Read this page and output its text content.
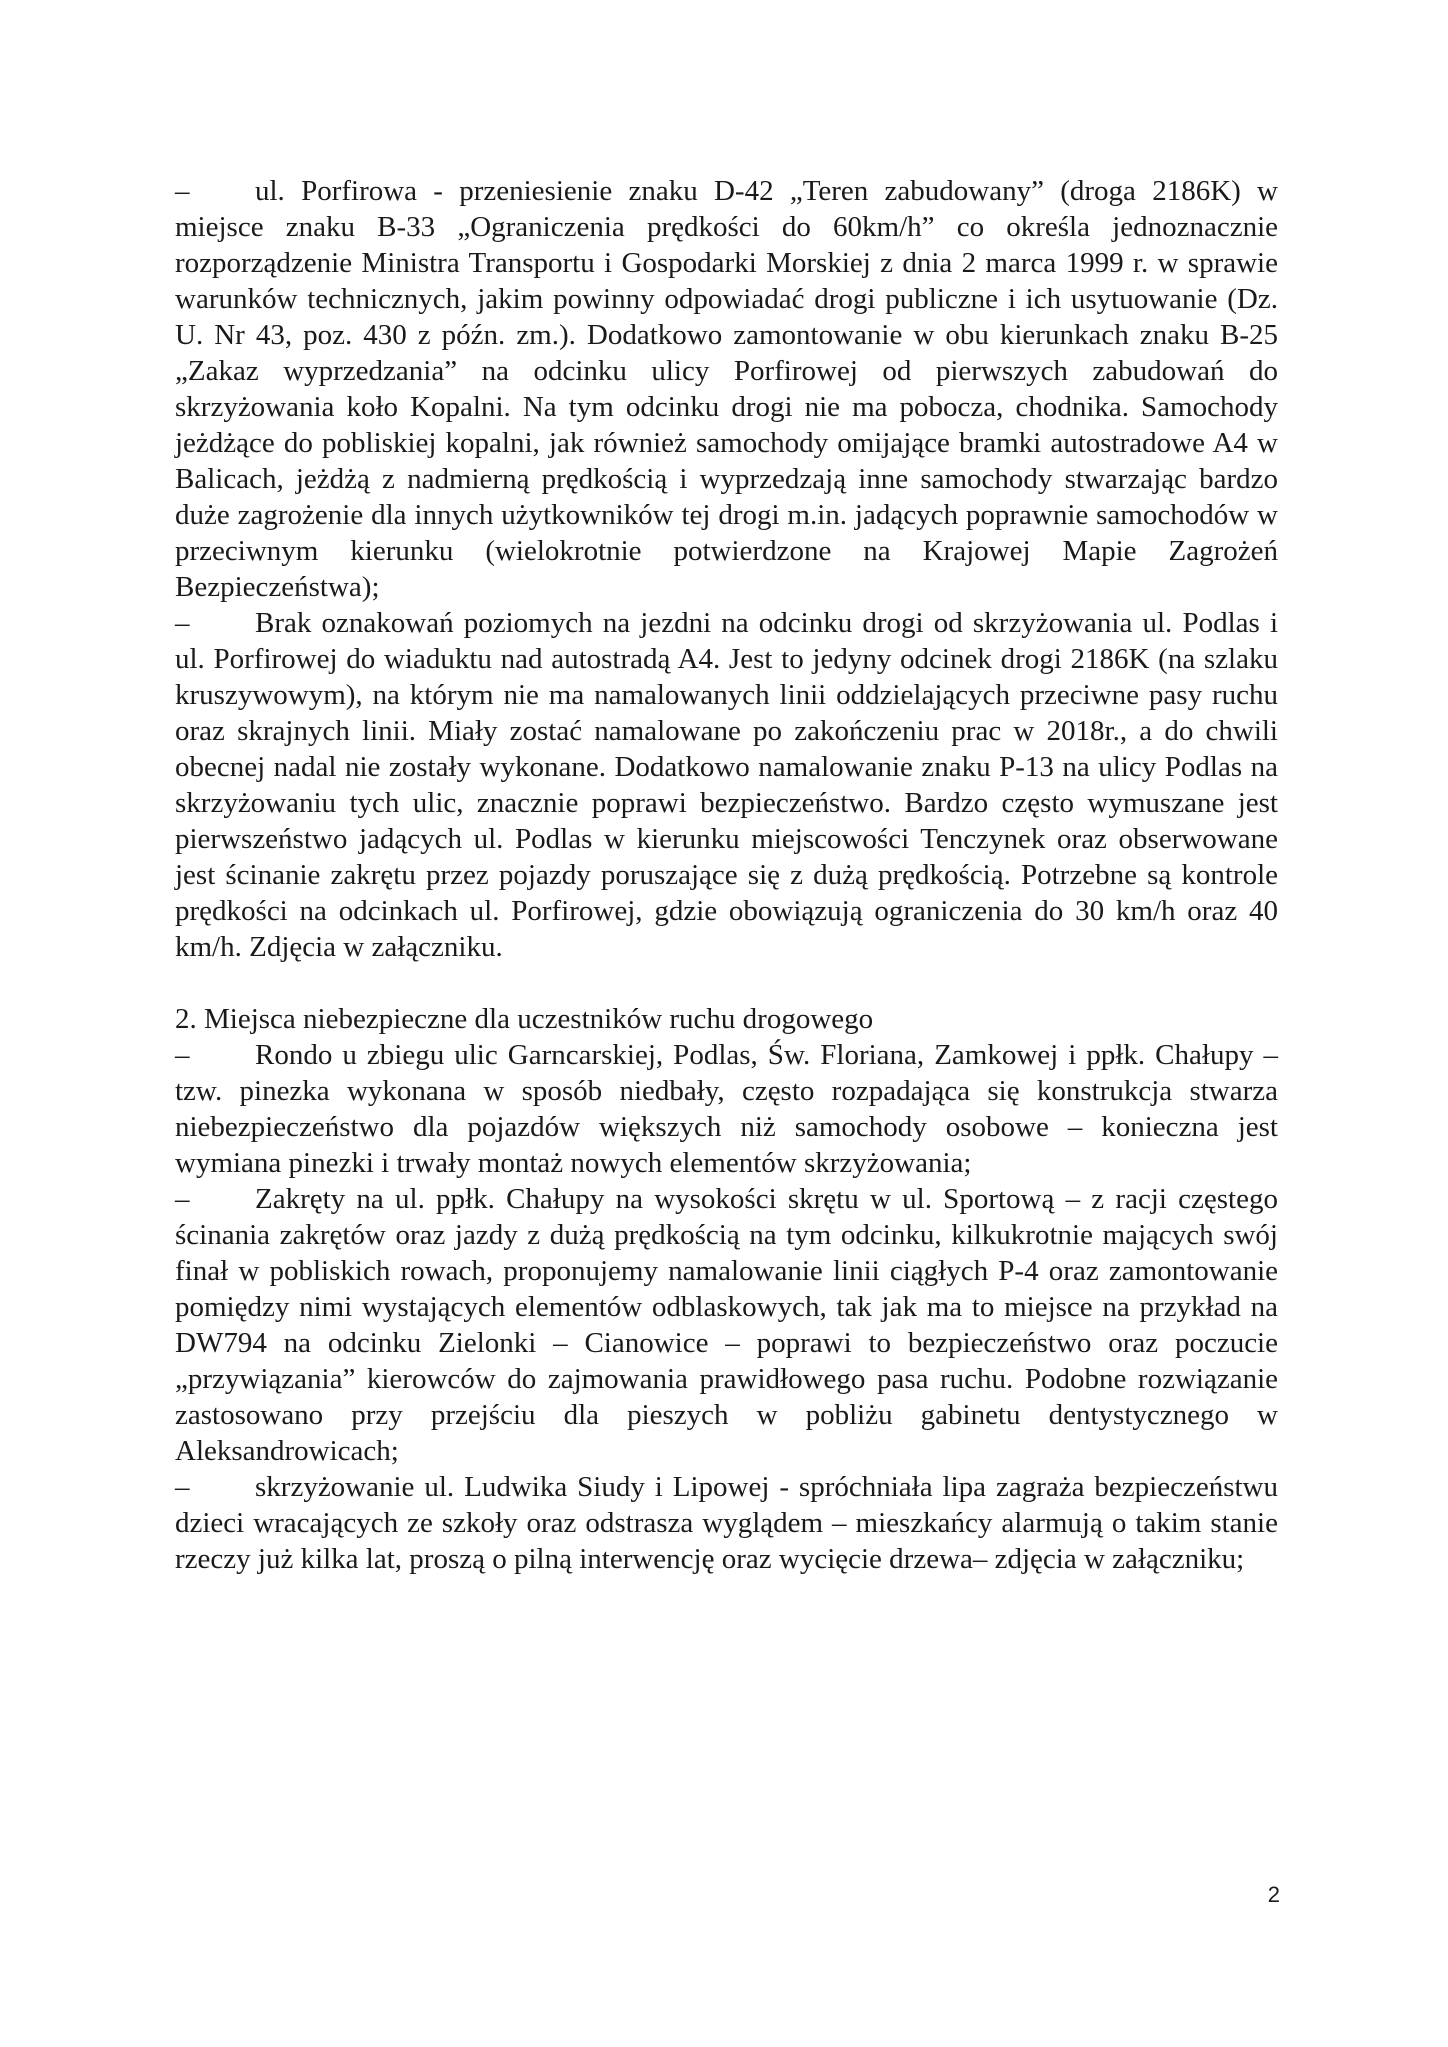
– ul. Porfirowa - przeniesienie znaku D-42 „Teren zabudowany” (droga 2186K) w miejsce znaku B-33 „Ograniczenia prędkości do 60km/h” co określa jednoznacznie rozporządzenie Ministra Transportu i Gospodarki Morskiej z dnia 2 marca 1999 r. w sprawie warunków technicznych, jakim powinny odpowiadać drogi publiczne i ich usytuowanie (Dz. U. Nr 43, poz. 430 z późn. zm.). Dodatkowo zamontowanie w obu kierunkach znaku B-25 „Zakaz wyprzedzania” na odcinku ulicy Porfirowej od pierwszych zabudowań do skrzyżowania koło Kopalni. Na tym odcinku drogi nie ma pobocza, chodnika. Samochody jeżdżące do pobliskiej kopalni, jak również samochody omijające bramki autostradowe A4 w Balicach, jeżdżą z nadmierną prędkością i wyprzedzają inne samochody stwarzając bardzo duże zagrożenie dla innych użytkowników tej drogi m.in. jadących poprawnie samochodów w przeciwnym kierunku (wielokrotnie potwierdzone na Krajowej Mapie Zagrożeń Bezpieczeństwa);

– Brak oznakowań poziomych na jezdni na odcinku drogi od skrzyżowania ul. Podlas i ul. Porfirowej do wiaduktu nad autostradą A4. Jest to jedyny odcinek drogi 2186K (na szlaku kruszywowym), na którym nie ma namalowanych linii oddzielających przeciwne pasy ruchu oraz skrajnych linii. Miały zostać namalowane po zakończeniu prac w 2018r., a do chwili obecnej nadal nie zostały wykonane. Dodatkowo namalowanie znaku P-13 na ulicy Podlas na skrzyżowaniu tych ulic, znacznie poprawi bezpieczeństwo. Bardzo często wymuszane jest pierwszeństwo jadących ul. Podlas w kierunku miejscowości Tenczynek oraz obserwowane jest ścinanie zakrętu przez pojazdy poruszające się z dużą prędkością. Potrzebne są kontrole prędkości na odcinkach ul. Porfirowej, gdzie obowiązują ograniczenia do 30 km/h oraz 40 km/h. Zdjęcia w załączniku.

2. Miejsca niebezpieczne dla uczestników ruchu drogowego

– Rondo u zbiegu ulic Garncarskiej, Podlas, Św. Floriana, Zamkowej i ppłk. Chałupy – tzw. pinezka wykonana w sposób niedbały, często rozpadająca się konstrukcja stwarza niebezpieczeństwo dla pojazdów większych niż samochody osobowe – konieczna jest wymiana pinezki i trwały montaż nowych elementów skrzyżowania;

– Zakręty na ul. ppłk. Chałupy na wysokości skrętu w ul. Sportową – z racji częstego ścinania zakrętów oraz jazdy z dużą prędkością na tym odcinku, kilkukrotnie mających swój finał w pobliskich rowach, proponujemy namalowanie linii ciągłych P-4 oraz zamontowanie pomiędzy nimi wystających elementów odblaskowych, tak jak ma to miejsce na przykład na DW794 na odcinku Zielonki – Cianowice – poprawi to bezpieczeństwo oraz poczucie „przywiązania” kierowców do zajmowania prawidłowego pasa ruchu. Podobne rozwiązanie zastosowano przy przejściu dla pieszych w pobliżu gabinetu dentystycznego w Aleksandrowicach;

– skrzyżowanie ul. Ludwika Siudy i Lipowej - spróchniała lipa zagraża bezpieczeństwu dzieci wracających ze szkoły oraz odstrasza wyglądem – mieszkańcy alarmują o takim stanie rzeczy już kilka lat, proszą o pilną interwencję oraz wycięcie drzewa– zdjęcia w załączniku;

2
